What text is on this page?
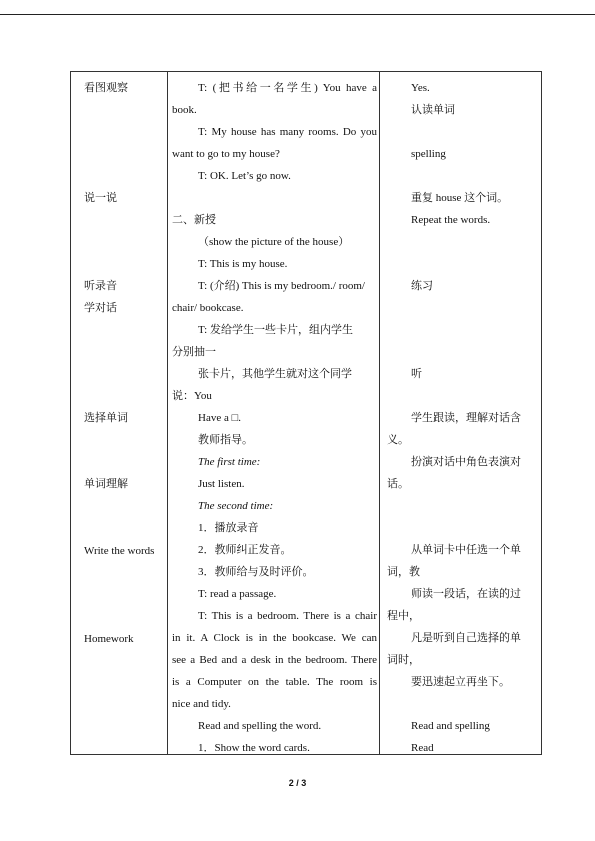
看图观察
说一说
听录音
学对话
选择单词
单词理解
Write the words
Homework
T: (把书给一名学生) You have a
book.
T: My house has many rooms. Do you
want to go to my house?
T: OK. Let’s go now.
二、新授
（show the picture of the house）
T: This is my house.
T: (介绍) This is my bedroom./ room/
chair/ bookcase.
T: 发给学生一些卡片，组内学生
分别抽一
张卡片，其他学生就对这个同学
说：You
Have a □.
教师指导。
The first time:
Just listen.
The second time:
1．播放录音
2．教师纠正发音。
3．教师给与及时评价。
T: read a passage.
T: This is a bedroom. There is a chair
in it. A Clock is in the bookcase. We can
see a Bed and a desk in the bedroom. There
is a Computer on the table. The room is
nice and tidy.
Read and spelling the word.
1．Show the word cards.
Yes.
认读单词
spelling
重复 house 这个词。
Repeat the words.
练习
听
学生跟读，理解对话含
义。
扮演对话中角色表演对
话。
从单词卡中任选一个单
词，教
师读一段话，在读的过
程中，
凡是听到自己选择的单
词时，
要迅速起立再坐下。
Read and spelling
Read
2 / 3
